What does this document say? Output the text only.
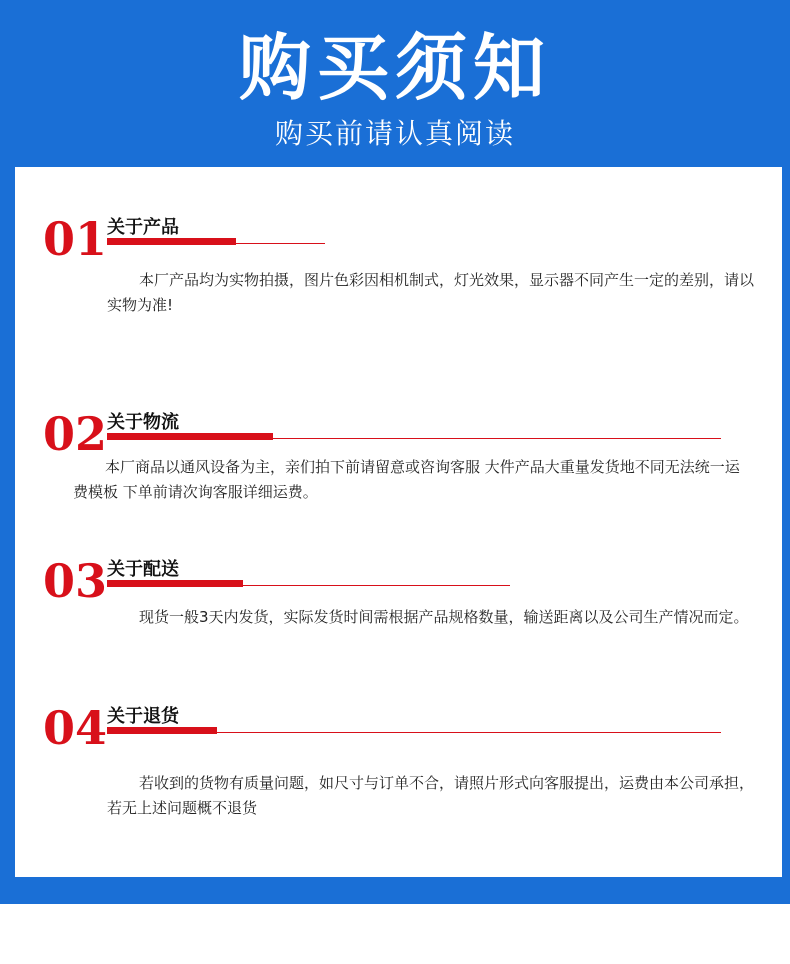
购买须知
购买前请认真阅读
01 关于产品
本厂产品均为实物拍摄，图片色彩因相机制式，灯光效果，显示器不同产生一定的差别，请以实物为准!
02 关于物流
本厂商品以通风设备为主，亲们拍下前请留意或咨询客服 大件产品大重量发货地不同无法统一运费模板 下单前请次询客服详细运费。
03 关于配送
现货一般3天内发货，实际发货时间需根据产品规格数量，输送距离以及公司生产情况而定。
04 关于退货
若收到的货物有质量问题，如尺寸与订单不合，请照片形式向客服提出，运费由本公司承担，若无上述问题概不退货
